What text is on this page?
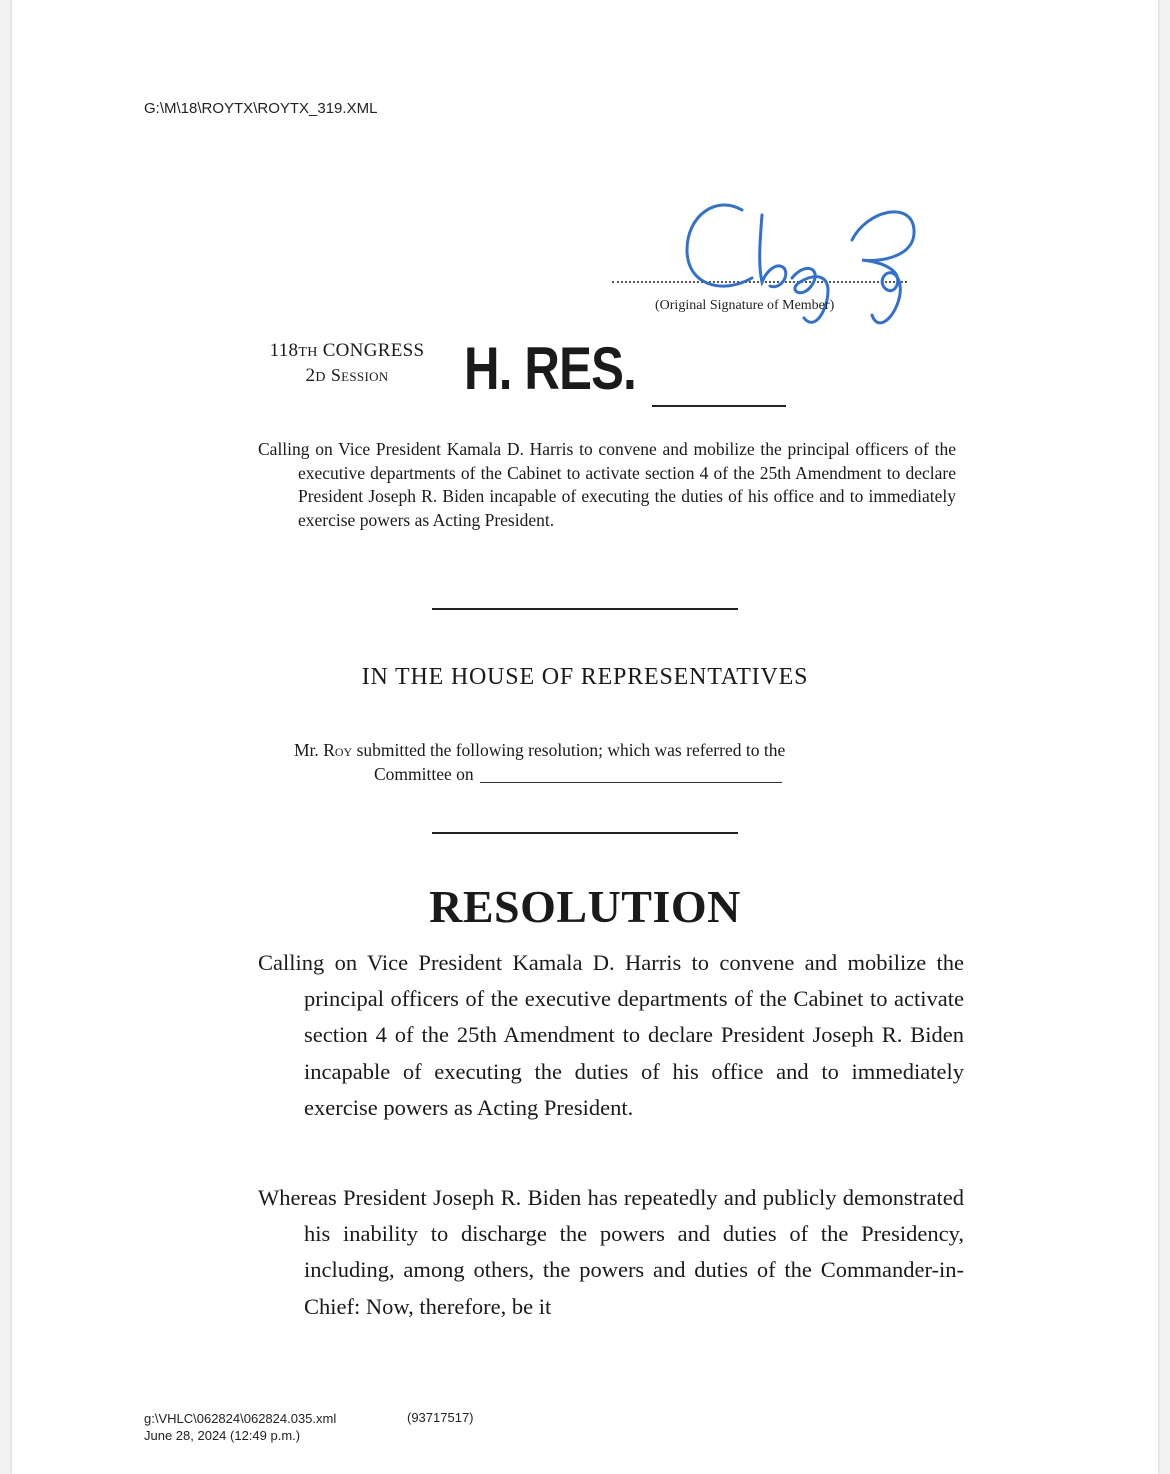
G:\M\18\ROYTX\ROYTX_319.XML
(Original Signature of Member)
118TH CONGRESS
2D Session	H. RES.
Calling on Vice President Kamala D. Harris to convene and mobilize the principal officers of the executive departments of the Cabinet to activate section 4 of the 25th Amendment to declare President Joseph R. Biden incapable of executing the duties of his office and to immediately exercise powers as Acting President.
IN THE HOUSE OF REPRESENTATIVES
Mr. Roy submitted the following resolution; which was referred to the
Committee on
RESOLUTION
Calling on Vice President Kamala D. Harris to convene and mobilize the principal officers of the executive departments of the Cabinet to activate section 4 of the 25th Amendment to declare President Joseph R. Biden incapable of executing the duties of his office and to immediately exercise powers as Acting President.
Whereas President Joseph R. Biden has repeatedly and publicly demonstrated his inability to discharge the powers and duties of the Presidency, including, among others, the powers and duties of the Commander-in-Chief: Now, therefore, be it
g:\VHLC\062824\062824.035.xml
June 28, 2024 (12:49 p.m.)
(93717517)
